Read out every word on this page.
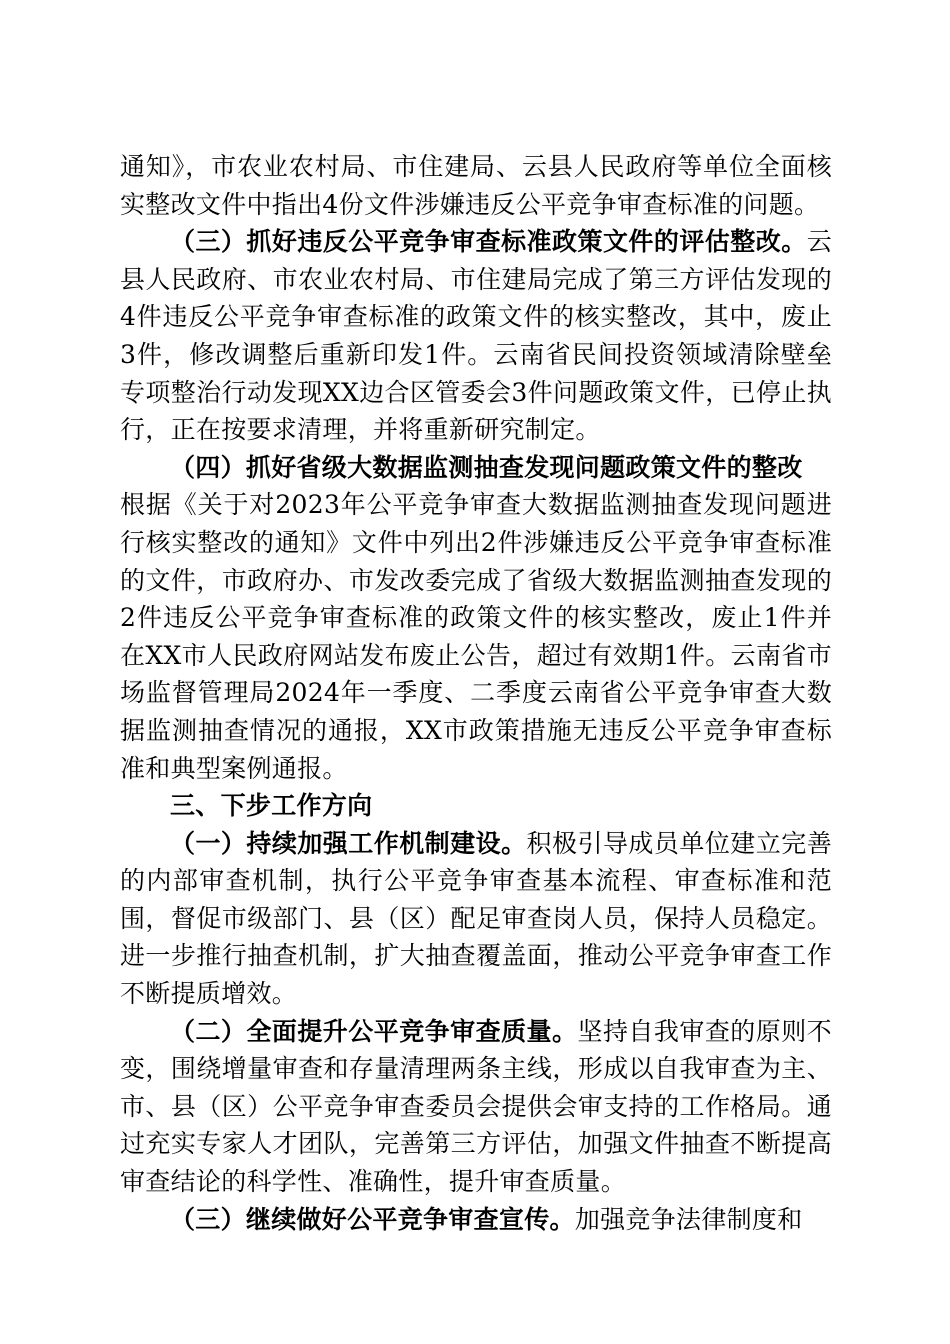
通知》，市农业农村局、市住建局、云县人民政府等单位全面核实整改文件中指出4份文件涉嫌违反公平竞争审查标准的问题。

（三）抓好违反公平竞争审查标准政策文件的评估整改。云县人民政府、市农业农村局、市住建局完成了第三方评估发现的4件违反公平竞争审查标准的政策文件的核实整改，其中，废止3件，修改调整后重新印发1件。云南省民间投资领域清除壁垒专项整治行动发现XX边合区管委会3件问题政策文件，已停止执行，正在按要求清理，并将重新研究制定。

（四）抓好省级大数据监测抽查发现问题政策文件的整改
根据《关于对2023年公平竞争审查大数据监测抽查发现问题进行核实整改的通知》文件中列出2件涉嫌违反公平竞争审查标准的文件，市政府办、市发改委完成了省级大数据监测抽查发现的2件违反公平竞争审查标准的政策文件的核实整改，废止1件并在XX市人民政府网站发布废止公告，超过有效期1件。云南省市场监督管理局2024年一季度、二季度云南省公平竞争审查大数据监测抽查情况的通报，XX市政策措施无违反公平竞争审查标准和典型案例通报。

三、下步工作方向

（一）持续加强工作机制建设。积极引导成员单位建立完善的内部审查机制，执行公平竞争审查基本流程、审查标准和范围，督促市级部门、县（区）配足审查岗人员，保持人员稳定。进一步推行抽查机制，扩大抽查覆盖面，推动公平竞争审查工作不断提质增效。

（二）全面提升公平竞争审查质量。坚持自我审查的原则不变，围绕增量审查和存量清理两条主线，形成以自我审查为主、市、县（区）公平竞争审查委员会提供会审支持的工作格局。通过充实专家人才团队，完善第三方评估，加强文件抽查不断提高审查结论的科学性、准确性，提升审查质量。

（三）继续做好公平竞争审查宣传。加强竞争法律制度和
